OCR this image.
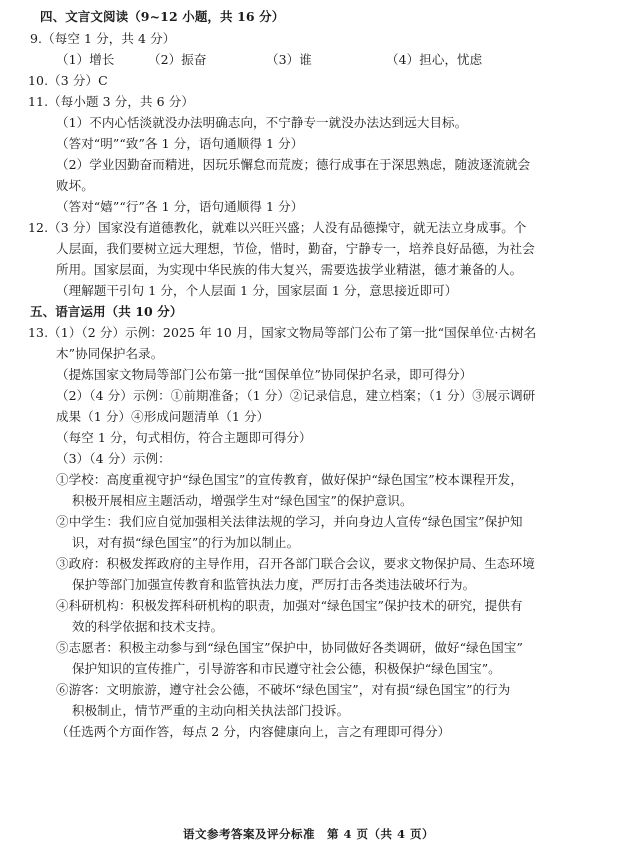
四、文言文阅读（9~12 小题，共 16 分）
9.（每空 1 分，共 4 分）
（1）增长	（2）振奋	（3）谁	（4）担心，忧虑
10.（3 分）C
11.（每小题 3 分，共 6 分）
（1）不内心恬淡就没办法明确志向，不宁静专一就没办法达到远大目标。
（答对“明”“致”各 1 分，语句通顺得 1 分）
（2）学业因勤奋而精进，因玩乐懈怠而荒废；德行成事在于深思熟虑，随波逐流就会
败坏。
（答对“嬉”“行”各 1 分，语句通顺得 1 分）
12.（3 分）国家没有道德教化，就难以兴旺兴盛；人没有品德操守，就无法立身成事。个
人层面，我们要树立远大理想，节俭，惜时，勤奋，宁静专一，培养良好品德，为社会
所用。国家层面，为实现中华民族的伟大复兴，需要选拔学业精湛，德才兼备的人。
（理解题干引句 1 分，个人层面 1 分，国家层面 1 分，意思接近即可）
五、语言运用（共 10 分）
13.（1）（2 分）示例：2025 年 10 月，国家文物局等部门公布了第一批“国保单位·古树名
木”协同保护名录。
（提炼国家文物局等部门公布第一批“国保单位”协同保护名录，即可得分）
（2）（4 分）示例：①前期准备；（1 分）②记录信息，建立档案；（1 分）③展示调研
成果（1 分）④形成问题清单（1 分）
（每空 1 分，句式相仿，符合主题即可得分）
（3）（4 分）示例：
①学校：高度重视守护“绿色国宝”的宣传教育，做好保护“绿色国宝”校本课程开发，
积极开展相应主题活动，增强学生对“绿色国宝”的保护意识。
②中学生：我们应自觉加强相关法律法规的学习，并向身边人宣传“绿色国宝”保护知
识，对有损“绿色国宝”的行为加以制止。
③政府：积极发挥政府的主导作用，召开各部门联合会议，要求文物保护局、生态环境
保护等部门加强宣传教育和监管执法力度，严厉打击各类违法破坏行为。
④科研机构：积极发挥科研机构的职责，加强对“绿色国宝”保护技术的研究，提供有
效的科学依据和技术支持。
⑤志愿者：积极主动参与到“绿色国宝”保护中，协同做好各类调研，做好“绿色国宝”
保护知识的宣传推广，引导游客和市民遵守社会公德，积极保护“绿色国宝”。
⑥游客：文明旅游，遵守社会公德，不破坏“绿色国宝”，对有损“绿色国宝”的行为
积极制止，情节严重的主动向相关执法部门投诉。
（任选两个方面作答，每点 2 分，内容健康向上，言之有理即可得分）
语文参考答案及评分标准　第 4 页（共 4 页）
